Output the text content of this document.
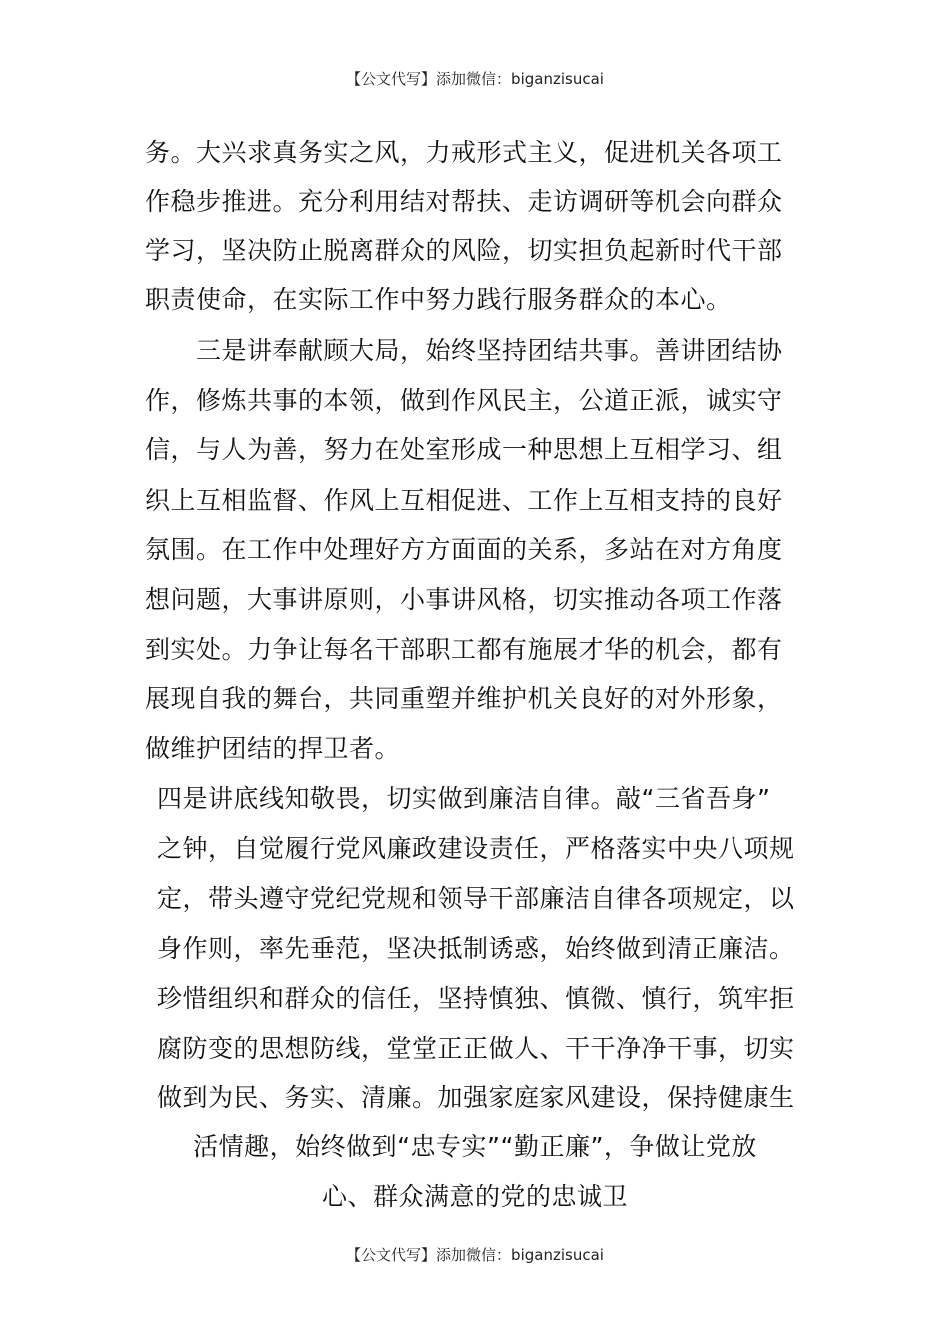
【公文代写】添加微信：biganzisucai
务。大兴求真务实之风，力戒形式主义，促进机关各项工
作稳步推进。充分利用结对帮扶、走访调研等机会向群众
学习，坚决防止脱离群众的风险，切实担负起新时代干部
职责使命，在实际工作中努力践行服务群众的本心。
三是讲奉献顾大局，始终坚持团结共事。善讲团结协
作，修炼共事的本领，做到作风民主，公道正派，诚实守
信，与人为善，努力在处室形成一种思想上互相学习、组
织上互相监督、作风上互相促进、工作上互相支持的良好
氛围。在工作中处理好方方面面的关系，多站在对方角度
想问题，大事讲原则，小事讲风格，切实推动各项工作落
到实处。力争让每名干部职工都有施展才华的机会，都有
展现自我的舞台，共同重塑并维护机关良好的对外形象，
做维护团结的捍卫者。
四是讲底线知敬畏，切实做到廉洁自律。敲“三省吾身”
之钟，自觉履行党风廉政建设责任，严格落实中央八项规
定，带头遵守党纪党规和领导干部廉洁自律各项规定，以
身作则，率先垂范，坚决抵制诱惑，始终做到清正廉洁。
珍惜组织和群众的信任，坚持慎独、慎微、慎行，筑牢拒
腐防变的思想防线，堂堂正正做人、干干净净干事，切实
做到为民、务实、清廉。加强家庭家风建设，保持健康生
活情趣，始终做到“忠专实”“勤正廉”，争做让党放
心、群众满意的党的忠诚卫
【公文代写】添加微信：biganzisucai
